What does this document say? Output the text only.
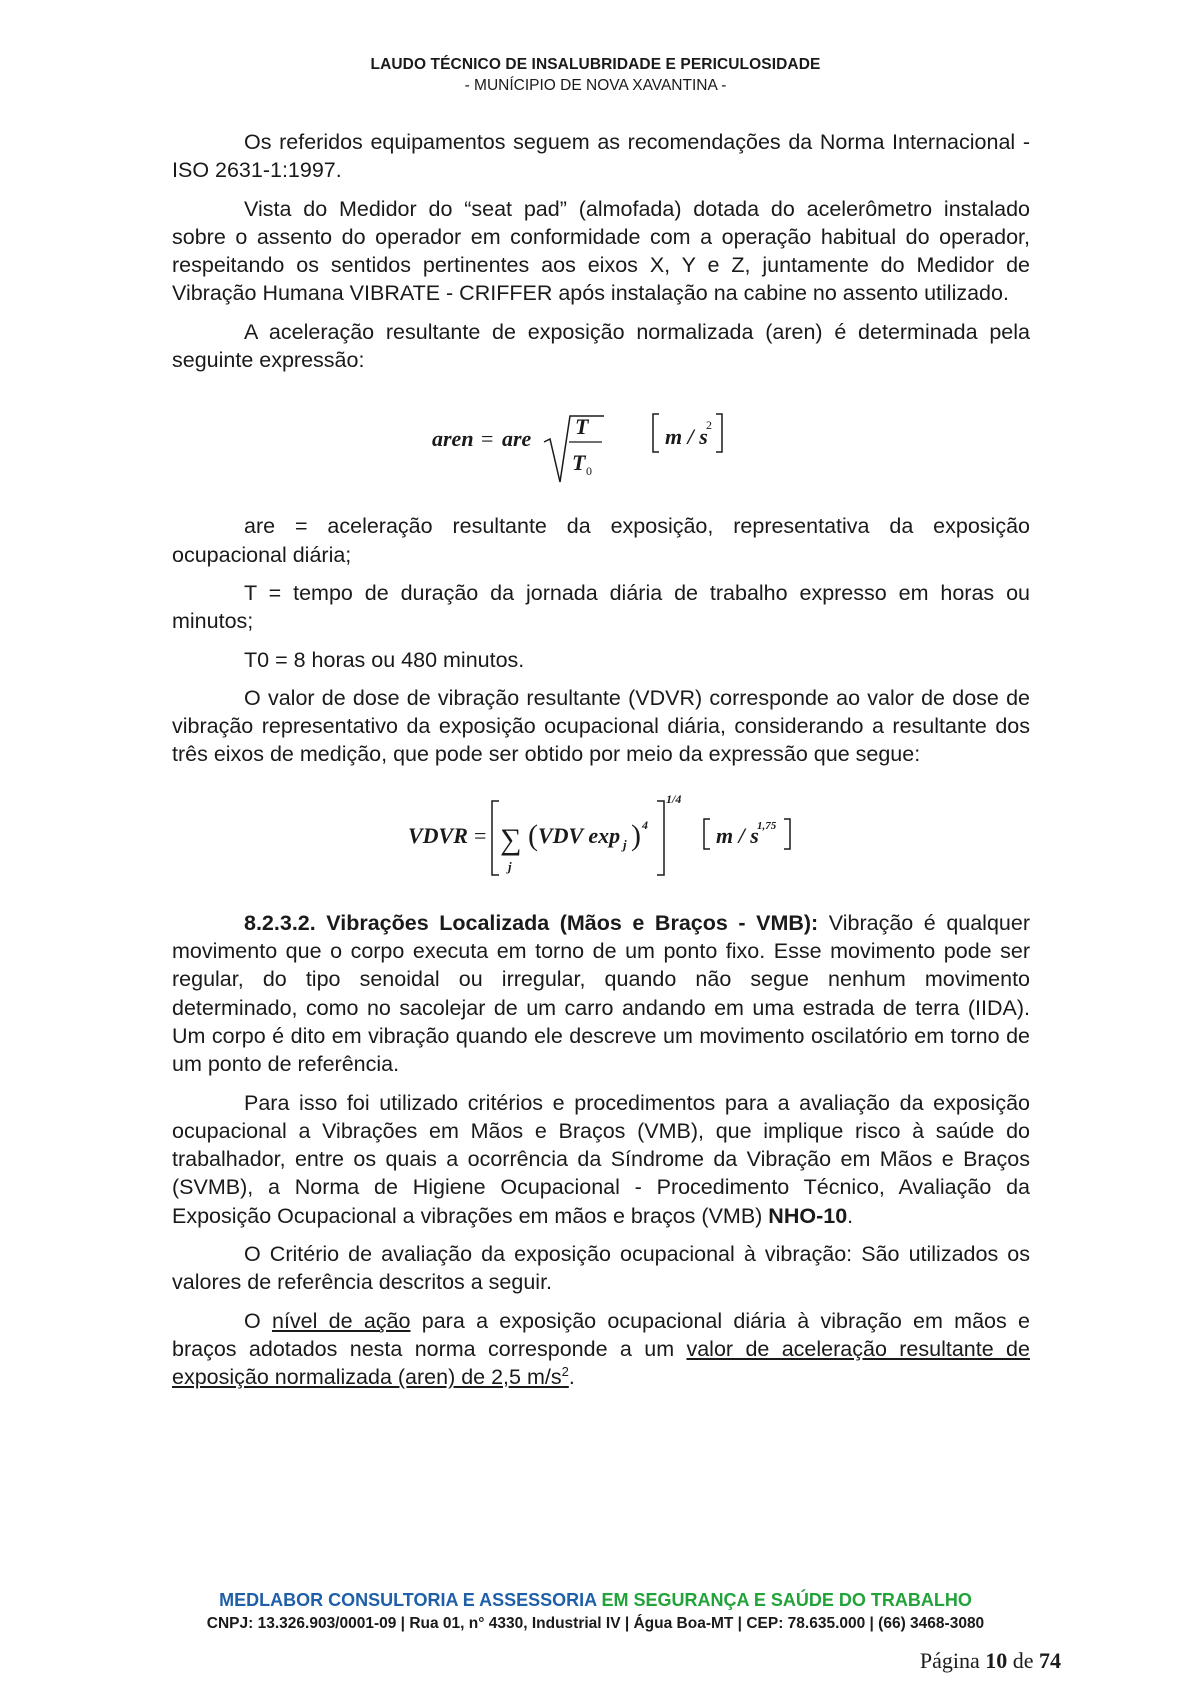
LAUDO TÉCNICO DE INSALUBRIDADE E PERICULOSIDADE
- MUNÍCIPIO DE NOVA XAVANTINA -

Os referidos equipamentos seguem as recomendações da Norma Internacional - ISO 2631-1:1997.

Vista do Medidor do “seat pad” (almofada) dotada do acelerômetro instalado sobre o assento do operador em conformidade com a operação habitual do operador, respeitando os sentidos pertinentes aos eixos X, Y e Z, juntamente do Medidor de Vibração Humana VIBRATE - CRIFFER após instalação na cabine no assento utilizado.

A aceleração resultante de exposição normalizada (aren) é determinada pela seguinte expressão:

aren = are T
T 0
m / s
2

are = aceleração resultante da exposição, representativa da exposição ocupacional diária;

T = tempo de duração da jornada diária de trabalho expresso em horas ou minutos;

T0 = 8 horas ou 480 minutos.

O valor de dose de vibração resultante (VDVR) corresponde ao valor de dose de vibração representativo da exposição ocupacional diária, considerando a resultante dos três eixos de medição, que pode ser obtido por meio da expressão que segue:

VDVR = ∑
j
( VDV exp j ) 4
1/4
m / s
1,75

8.2.3.2. Vibrações Localizada (Mãos e Braços - VMB): Vibração é qualquer movimento que o corpo executa em torno de um ponto fixo. Esse movimento pode ser regular, do tipo senoidal ou irregular, quando não segue nenhum movimento determinado, como no sacolejar de um carro andando em uma estrada de terra (IIDA). Um corpo é dito em vibração quando ele descreve um movimento oscilatório em torno de um ponto de referência.

Para isso foi utilizado critérios e procedimentos para a avaliação da exposição ocupacional a Vibrações em Mãos e Braços (VMB), que implique risco à saúde do trabalhador, entre os quais a ocorrência da Síndrome da Vibração em Mãos e Braços (SVMB), a Norma de Higiene Ocupacional - Procedimento Técnico, Avaliação da Exposição Ocupacional a vibrações em mãos e braços (VMB) NHO-10.

O Critério de avaliação da exposição ocupacional à vibração: São utilizados os valores de referência descritos a seguir.

O nível de ação para a exposição ocupacional diária à vibração em mãos e braços adotados nesta norma corresponde a um valor de aceleração resultante de exposição normalizada (aren) de 2,5 $m/s^2$.

MEDLABOR CONSULTORIA E ASSESSORIA EM SEGURANÇA E SAÚDE DO TRABALHO
CNPJ: 13.326.903/0001-09 | Rua 01, n° 4330, Industrial IV | Água Boa-MT | CEP: 78.635.000 | (66) 3468-3080
Página 10 de 74
